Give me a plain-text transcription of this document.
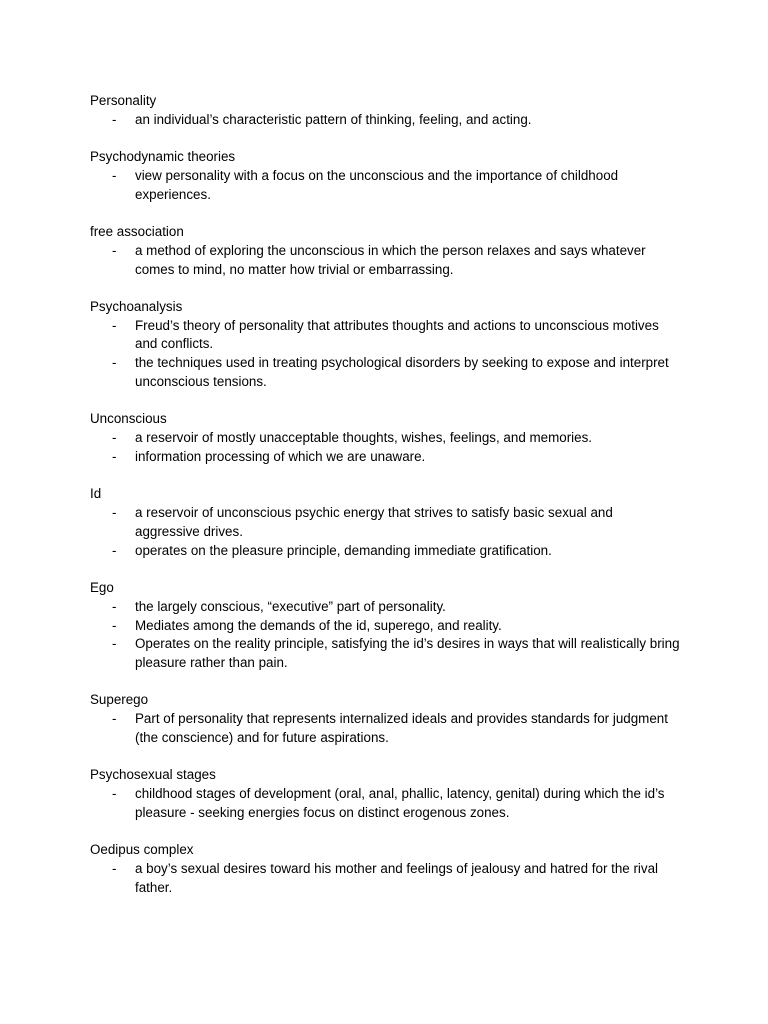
Personality

- an individual’s characteristic pattern of thinking, feeling, and acting.

Psychodynamic theories

- view personality with a focus on the unconscious and the importance of childhood experiences.

free association

- a method of exploring the unconscious in which the person relaxes and says whatever comes to mind, no matter how trivial or embarrassing.

Psychoanalysis

- Freud’s theory of personality that attributes thoughts and actions to unconscious motives and conflicts.
- the techniques used in treating psychological disorders by seeking to expose and interpret unconscious tensions.

Unconscious

- a reservoir of mostly unacceptable thoughts, wishes, feelings, and memories.
- information processing of which we are unaware.

Id

- a reservoir of unconscious psychic energy that strives to satisfy basic sexual and aggressive drives.
- operates on the pleasure principle, demanding immediate gratification.

Ego

- the largely conscious, “executive” part of personality.
- Mediates among the demands of the id, superego, and reality.
- Operates on the reality principle, satisfying the id’s desires in ways that will realistically bring pleasure rather than pain.

Superego

- Part of personality that represents internalized ideals and provides standards for judgment (the conscience) and for future aspirations.

Psychosexual stages

- childhood stages of development (oral, anal, phallic, latency, genital) during which the id’s pleasure - seeking energies focus on distinct erogenous zones.

Oedipus complex

- a boy’s sexual desires toward his mother and feelings of jealousy and hatred for the rival father.
